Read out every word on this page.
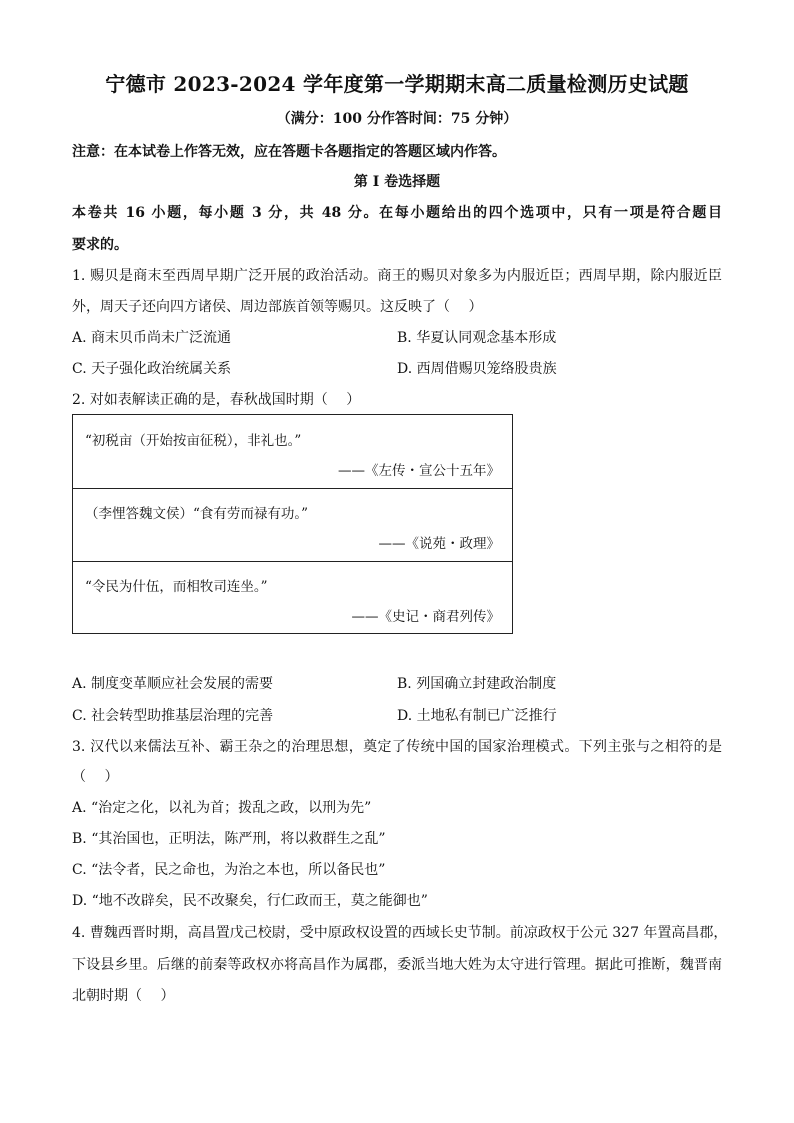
宁德市 2023-2024 学年度第一学期期末高二质量检测历史试题
（满分：100 分作答时间：75 分钟）
注意：在本试卷上作答无效，应在答题卡各题指定的答题区域内作答。
第 I 卷选择题
本卷共 16 小题，每小题 3 分，共 48 分。在每小题给出的四个选项中，只有一项是符合题目
要求的。
1. 赐贝是商末至西周早期广泛开展的政治活动。商王的赐贝对象多为内服近臣；西周早期，除内服近臣
外，周天子还向四方诸侯、周边部族首领等赐贝。这反映了（　 ）
A. 商末贝币尚未广泛流通	B. 华夏认同观念基本形成
C. 天子强化政治统属关系	D. 西周借赐贝笼络股贵族
2. 对如表解读正确的是，春秋战国时期（　 ）
“初税亩（开始按亩征税），非礼也。”
——《左传・宣公十五年》
（李悝答魏文侯）“食有劳而禄有功。”
——《说苑・政理》
“令民为什伍，而相牧司连坐。”
——《史记・商君列传》
A. 制度变革顺应社会发展的需要	B. 列国确立封建政治制度
C. 社会转型助推基层治理的完善	D. 土地私有制已广泛推行
3. 汉代以来儒法互补、霸王杂之的治理思想，奠定了传统中国的国家治理模式。下列主张与之相符的是
（　 ）
A. “治定之化，以礼为首；拨乱之政，以刑为先”
B. “其治国也，正明法，陈严刑，将以救群生之乱”
C. “法令者，民之命也，为治之本也，所以备民也”
D. “地不改辟矣，民不改聚矣，行仁政而王，莫之能御也”
4. 曹魏西晋时期，高昌置戊己校尉，受中原政权设置的西域长史节制。前凉政权于公元 327 年置高昌郡，
下设县乡里。后继的前秦等政权亦将高昌作为属郡，委派当地大姓为太守进行管理。据此可推断，魏晋南
北朝时期（　 ）
